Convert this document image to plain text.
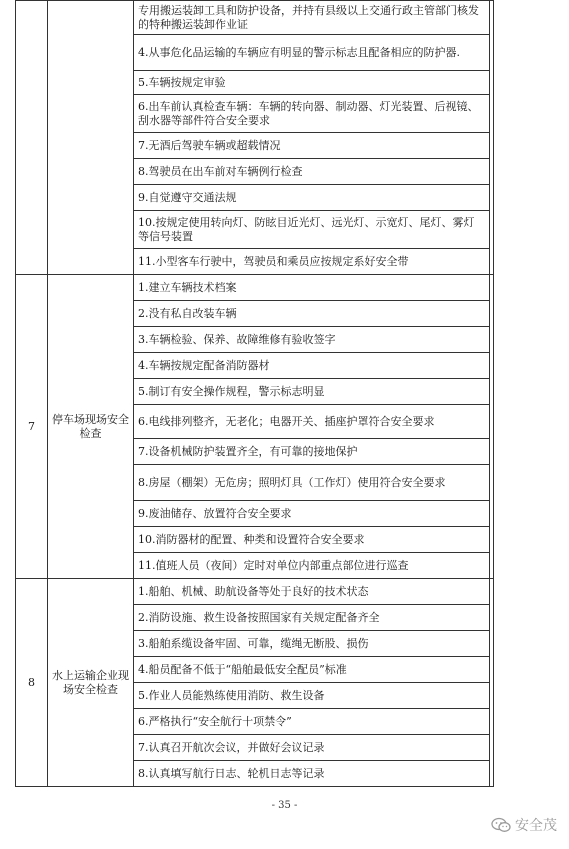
		专用搬运装卸工具和防护设备，并持有县级以上交通行政主管部门核发的特种搬运装卸作业证	
		4.从事危化品运输的车辆应有明显的警示标志且配备相应的防护器.	
		5.车辆按规定审验	
		6.出车前认真检查车辆：车辆的转向器、制动器、灯光装置、后视镜、刮水器等部件符合安全要求	
		7.无酒后驾驶车辆或超载情况	
		8.驾驶员在出车前对车辆例行检查	
		9.自觉遵守交通法规	
		10.按规定使用转向灯、防眩目近光灯、远光灯、示宽灯、尾灯、雾灯等信号装置	
		11.小型客车行驶中，驾驶员和乘员应按规定系好安全带	
7	停车场现场安全检查	1.建立车辆技术档案	
		2.没有私自改装车辆	
		3.车辆检验、保养、故障维修有验收签字	
		4.车辆按规定配备消防器材	
		5.制订有安全操作规程，警示标志明显	
		6.电线排列整齐，无老化；电器开关、插座护罩符合安全要求	
		7.设备机械防护装置齐全，有可靠的接地保护	
		8.房屋（棚架）无危房；照明灯具（工作灯）使用符合安全要求	
		9.废油储存、放置符合安全要求	
		10.消防器材的配置、种类和设置符合安全要求	
		11.值班人员（夜间）定时对单位内部重点部位进行巡查	
8	水上运输企业现场安全检查	1.船舶、机械、助航设备等处于良好的技术状态	
		2.消防设施、救生设备按照国家有关规定配备齐全	
		3.船舶系缆设备牢固、可靠，缆绳无断股、损伤	
		4.船员配备不低于“船舶最低安全配员”标准	
		5.作业人员能熟练使用消防、救生设备	
		6.严格执行“安全航行十项禁令”	
		7.认真召开航次会议，并做好会议记录	
		8.认真填写航行日志、轮机日志等记录	
- 35 -
安全茂
